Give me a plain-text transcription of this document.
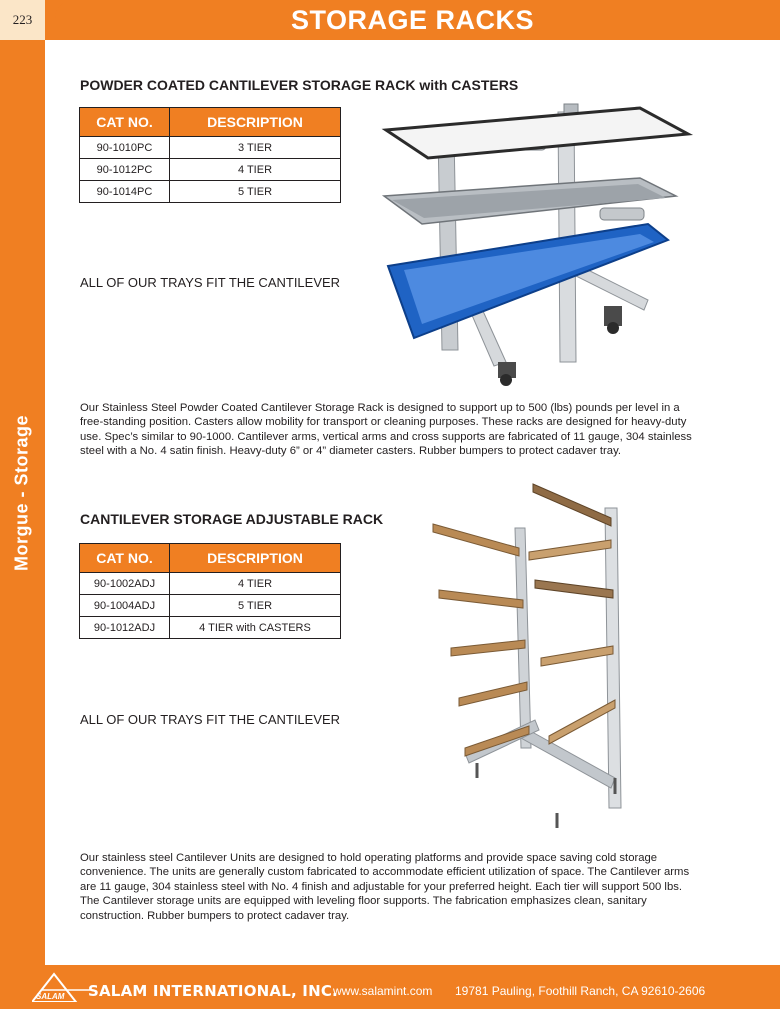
223
Morgue - Storage
STORAGE RACKS
POWDER COATED CANTILEVER STORAGE RACK with CASTERS
CAT NO.	DESCRIPTION
90-1010PC	3 TIER
90-1012PC	4 TIER
90-1014PC	5 TIER
ALL OF OUR TRAYS FIT THE CANTILEVER
Our Stainless Steel Powder Coated Cantilever Storage Rack is designed to support up to 500 (lbs) pounds per level in a free-standing position. Casters allow mobility for transport or cleaning purposes. These racks are designed for heavy-duty use. Spec’s similar to 90-1000. Cantilever arms, vertical arms and cross supports are fabricated of 11 gauge, 304 stainless steel with a No. 4 satin finish. Heavy-duty 6” or 4” diameter casters. Rubber bumpers to protect cadaver tray.
CANTILEVER STORAGE ADJUSTABLE RACK
CAT NO.	DESCRIPTION
90-1002ADJ	4 TIER
90-1004ADJ	5 TIER
90-1012ADJ	4 TIER with CASTERS
ALL OF OUR TRAYS FIT THE CANTILEVER
Our stainless steel Cantilever Units are designed to hold operating platforms and provide space saving cold storage convenience. The units are generally custom fabricated to accommodate efficient utilization of space. The Cantilever arms are 11 gauge, 304 stainless steel with No. 4 finish and adjustable for your preferred height. Each tier will support 500 lbs. The Cantilever storage units are equipped with leveling floor supports. The fabrication emphasizes clean, sanitary construction. Rubber bumpers to protect cadaver tray.
SALAM SALAM INTERNATIONAL, INC.
www.salamint.com 19781 Pauling, Foothill Ranch, CA 92610-2606
